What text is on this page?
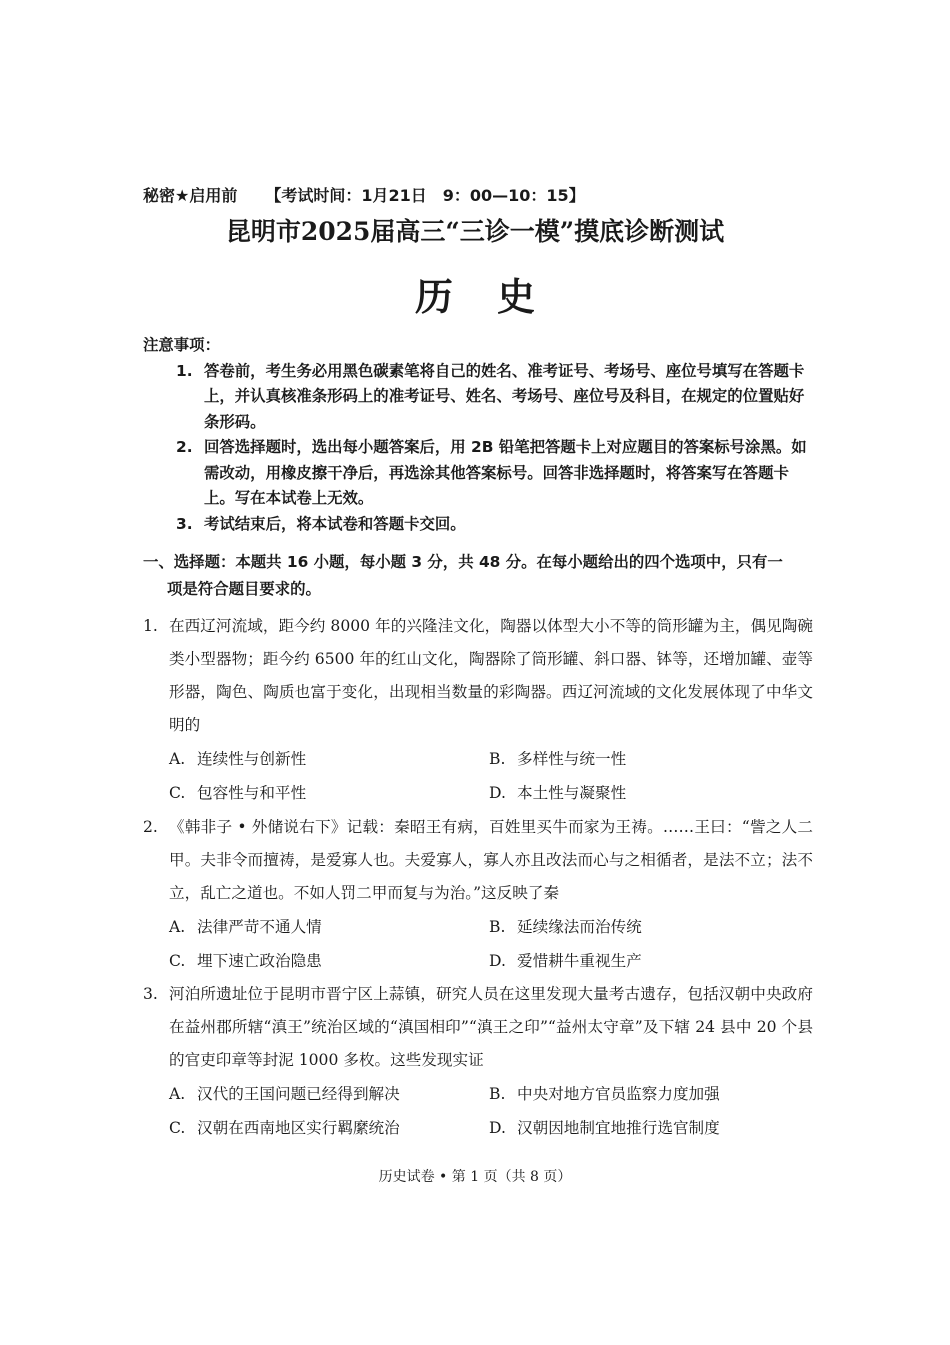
秘密★启用前 【考试时间：1月21日　9：00—10：15】
昆明市2025届高三“三诊一模”摸底诊断测试
历史
注意事项：
1. 答卷前，考生务必用黑色碳素笔将自己的姓名、准考证号、考场号、座位号填写在答题卡上，并认真核准条形码上的准考证号、姓名、考场号、座位号及科目，在规定的位置贴好条形码。
2. 回答选择题时，选出每小题答案后，用 2B 铅笔把答题卡上对应题目的答案标号涂黑。如需改动，用橡皮擦干净后，再选涂其他答案标号。回答非选择题时，将答案写在答题卡上。写在本试卷上无效。
3. 考试结束后，将本试卷和答题卡交回。
一、选择题：本题共 16 小题，每小题 3 分，共 48 分。在每小题给出的四个选项中，只有一
项是符合题目要求的。
1. 在西辽河流域，距今约 8000 年的兴隆洼文化，陶器以体型大小不等的筒形罐为主，偶见陶碗类小型器物；距今约 6500 年的红山文化，陶器除了筒形罐、斜口器、钵等，还增加罐、壶等形器，陶色、陶质也富于变化，出现相当数量的彩陶器。西辽河流域的文化发展体现了中华文明的
A. 连续性与创新性	B. 多样性与统一性
C. 包容性与和平性	D. 本土性与凝聚性
2. 《韩非子 • 外储说右下》记载：秦昭王有病，百姓里买牛而家为王祷。……王曰：“訾之人二甲。夫非令而擅祷，是爱寡人也。夫爱寡人，寡人亦且改法而心与之相循者，是法不立；法不立，乱亡之道也。不如人罚二甲而复与为治。”这反映了秦
A. 法律严苛不通人情	B. 延续缘法而治传统
C. 埋下速亡政治隐患	D. 爱惜耕牛重视生产
3. 河泊所遗址位于昆明市晋宁区上蒜镇，研究人员在这里发现大量考古遗存，包括汉朝中央政府在益州郡所辖“滇王”统治区域的“滇国相印”“滇王之印”“益州太守章”及下辖 24 县中 20 个县的官吏印章等封泥 1000 多枚。这些发现实证
A. 汉代的王国问题已经得到解决	B. 中央对地方官员监察力度加强
C. 汉朝在西南地区实行羁縻统治	D. 汉朝因地制宜地推行选官制度
历史试卷 • 第 1 页（共 8 页）
